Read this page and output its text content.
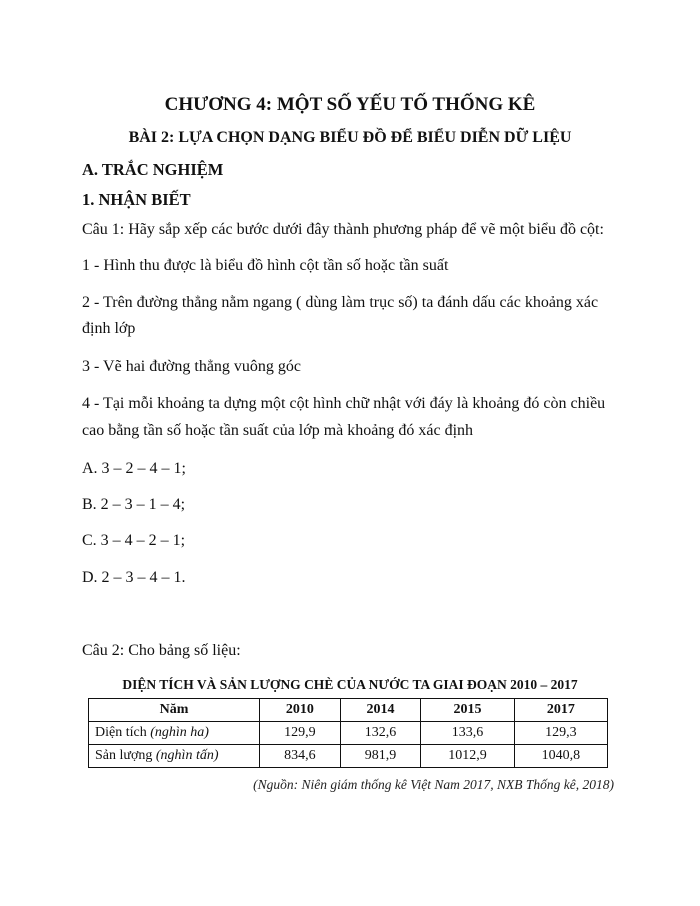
CHƯƠNG 4: MỘT SỐ YẾU TỐ THỐNG KÊ
BÀI 2: LỰA CHỌN DẠNG BIỂU ĐỒ ĐỂ BIỂU DIỄN DỮ LIỆU
A. TRẮC NGHIỆM
1. NHẬN BIẾT
Câu 1: Hãy sắp xếp các bước dưới đây thành phương pháp để vẽ một biểu đồ cột:
1 - Hình thu được là biểu đồ hình cột tần số hoặc tần suất
2 - Trên đường thẳng nằm ngang ( dùng làm trục số) ta đánh dấu các khoảng xác
định lớp
3 - Vẽ hai đường thẳng vuông góc
4 - Tại mỗi khoảng ta dựng một cột hình chữ nhật với đáy là khoảng đó còn chiều
cao bằng tần số hoặc tần suất của lớp mà khoảng đó xác định
A. 3 – 2 – 4 – 1;
B. 2 – 3 – 1 – 4;
C. 3 – 4 – 2 – 1;
D. 2 – 3 – 4 – 1.
Câu 2: Cho bảng số liệu:
DIỆN TÍCH VÀ SẢN LƯỢNG CHÈ CỦA NƯỚC TA GIAI ĐOẠN 2010 – 2017
Năm	2010	2014	2015	2017
Diện tích (nghìn ha)	129,9	132,6	133,6	129,3
Sản lượng (nghìn tấn)	834,6	981,9	1012,9	1040,8
(Nguồn: Niên giám thống kê Việt Nam 2017, NXB Thống kê, 2018)
